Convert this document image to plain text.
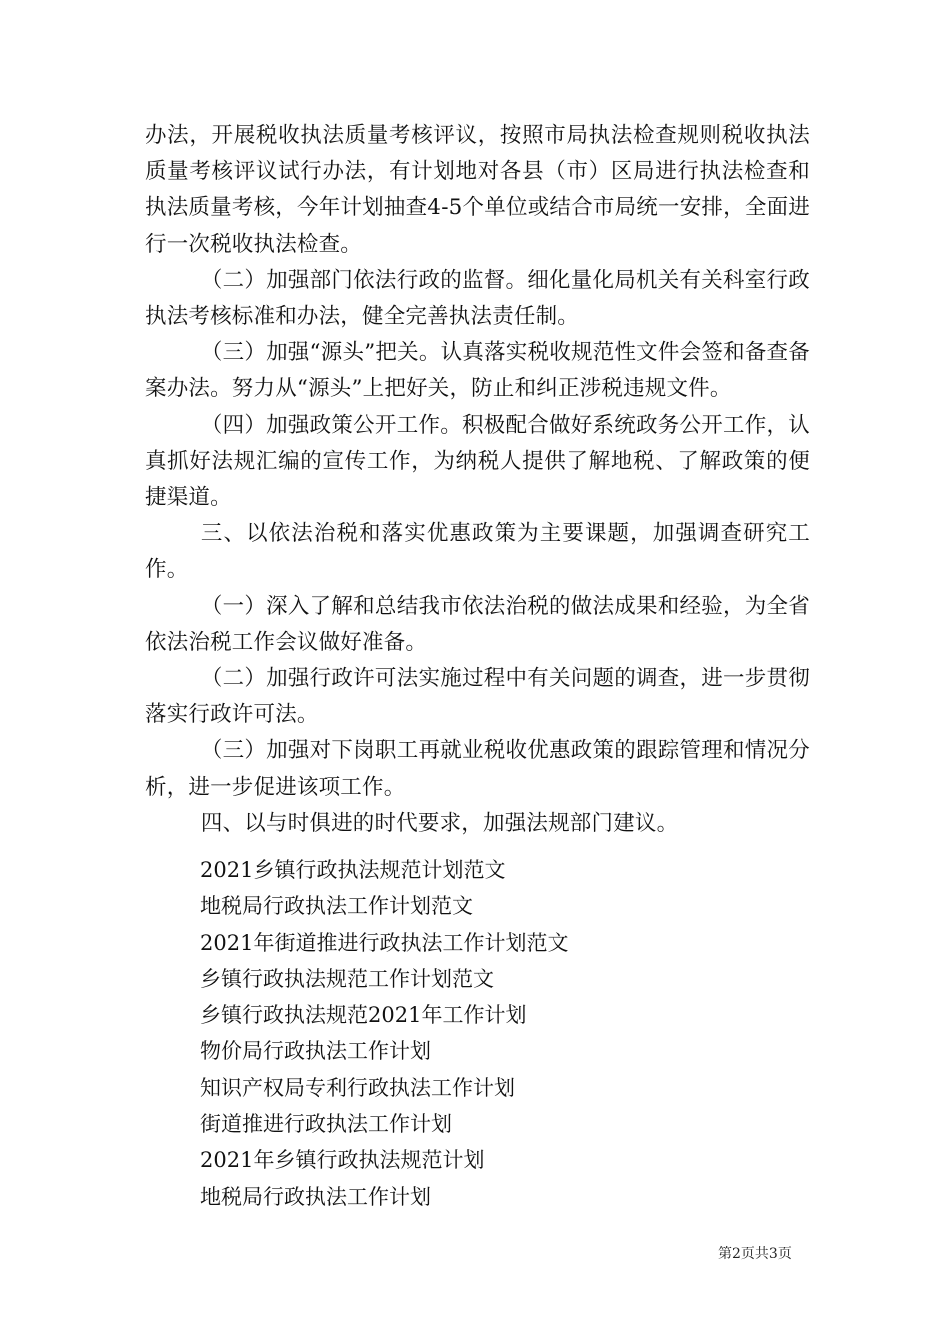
办法，开展税收执法质量考核评议，按照市局执法检查规则税收执法质量考核评议试行办法，有计划地对各县（市）区局进行执法检查和执法质量考核，今年计划抽查4-5个单位或结合市局统一安排，全面进行一次税收执法检查。

（二）加强部门依法行政的监督。细化量化局机关有关科室行政执法考核标准和办法，健全完善执法责任制。

（三）加强“源头”把关。认真落实税收规范性文件会签和备查备案办法。努力从“源头”上把好关，防止和纠正涉税违规文件。

（四）加强政策公开工作。积极配合做好系统政务公开工作，认真抓好法规汇编的宣传工作，为纳税人提供了解地税、了解政策的便捷渠道。

三、以依法治税和落实优惠政策为主要课题，加强调查研究工作。

（一）深入了解和总结我市依法治税的做法成果和经验，为全省依法治税工作会议做好准备。

（二）加强行政许可法实施过程中有关问题的调查，进一步贯彻落实行政许可法。

（三）加强对下岗职工再就业税收优惠政策的跟踪管理和情况分析，进一步促进该项工作。

四、以与时俱进的时代要求，加强法规部门建议。

2021乡镇行政执法规范计划范文

地税局行政执法工作计划范文

2021年街道推进行政执法工作计划范文

乡镇行政执法规范工作计划范文

乡镇行政执法规范2021年工作计划

物价局行政执法工作计划

知识产权局专利行政执法工作计划

街道推进行政执法工作计划

2021年乡镇行政执法规范计划

地税局行政执法工作计划

第2页共3页
